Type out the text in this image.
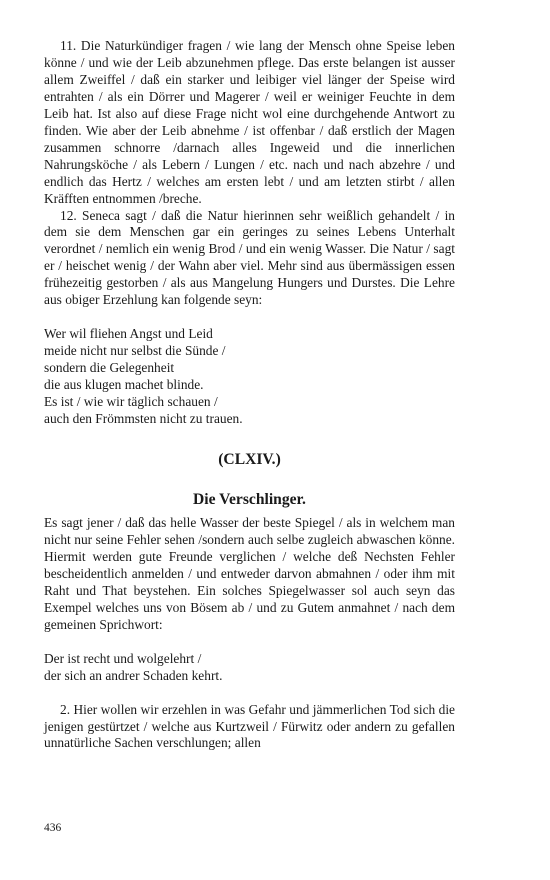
11. Die Naturkündiger fragen / wie lang der Mensch ohne Speise leben könne / und wie der Leib abzunehmen pflege. Das erste belangen ist ausser allem Zweiffel / daß ein starker und leibiger viel länger der Speise wird entrahten / als ein Dörrer und Magerer / weil er weiniger Feuchte in dem Leib hat. Ist also auf diese Frage nicht wol eine durchgehende Antwort zu finden. Wie aber der Leib abnehme / ist offenbar / daß erstlich der Magen zusammen schnorre /darnach alles Ingeweid und die innerlichen Nahrungsköche / als Lebern / Lungen / etc. nach und nach abzehre / und endlich das Hertz / welches am ersten lebt / und am letzten stirbt / allen Kräfften entnommen /breche.

12. Seneca sagt / daß die Natur hierinnen sehr weißlich gehandelt / in dem sie dem Menschen gar ein geringes zu seines Lebens Unterhalt verordnet / nemlich ein wenig Brod / und ein wenig Wasser. Die Natur / sagt er / heischet wenig / der Wahn aber viel. Mehr sind aus übermässigen essen frühezeitig gestorben / als aus Mangelung Hungers und Durstes. Die Lehre aus obiger Erzehlung kan folgende seyn:

Wer wil fliehen Angst und Leid
meide nicht nur selbst die Sünde /
sondern die Gelegenheit
die aus klugen machet blinde.
Es ist / wie wir täglich schauen /
auch den Frömmsten nicht zu trauen.
(CLXIV.)
Die Verschlinger.

Es sagt jener / daß das helle Wasser der beste Spiegel / als in welchem man nicht nur seine Fehler sehen /sondern auch selbe zugleich abwaschen könne. Hiermit werden gute Freunde verglichen / welche deß Nechsten Fehler bescheidentlich anmelden / und entweder darvon abmahnen / oder ihm mit Raht und That beystehen. Ein solches Spiegelwasser sol auch seyn das Exempel welches uns von Bösem ab / und zu Gutem anmahnet / nach dem gemeinen Sprichwort:

Der ist recht und wolgelehrt /
der sich an andrer Schaden kehrt.

2. Hier wollen wir erzehlen in was Gefahr und jämmerlichen Tod sich die jenigen gestürtzet / welche aus Kurtzweil / Fürwitz oder andern zu gefallen unnatürliche Sachen verschlungen; allen

436
